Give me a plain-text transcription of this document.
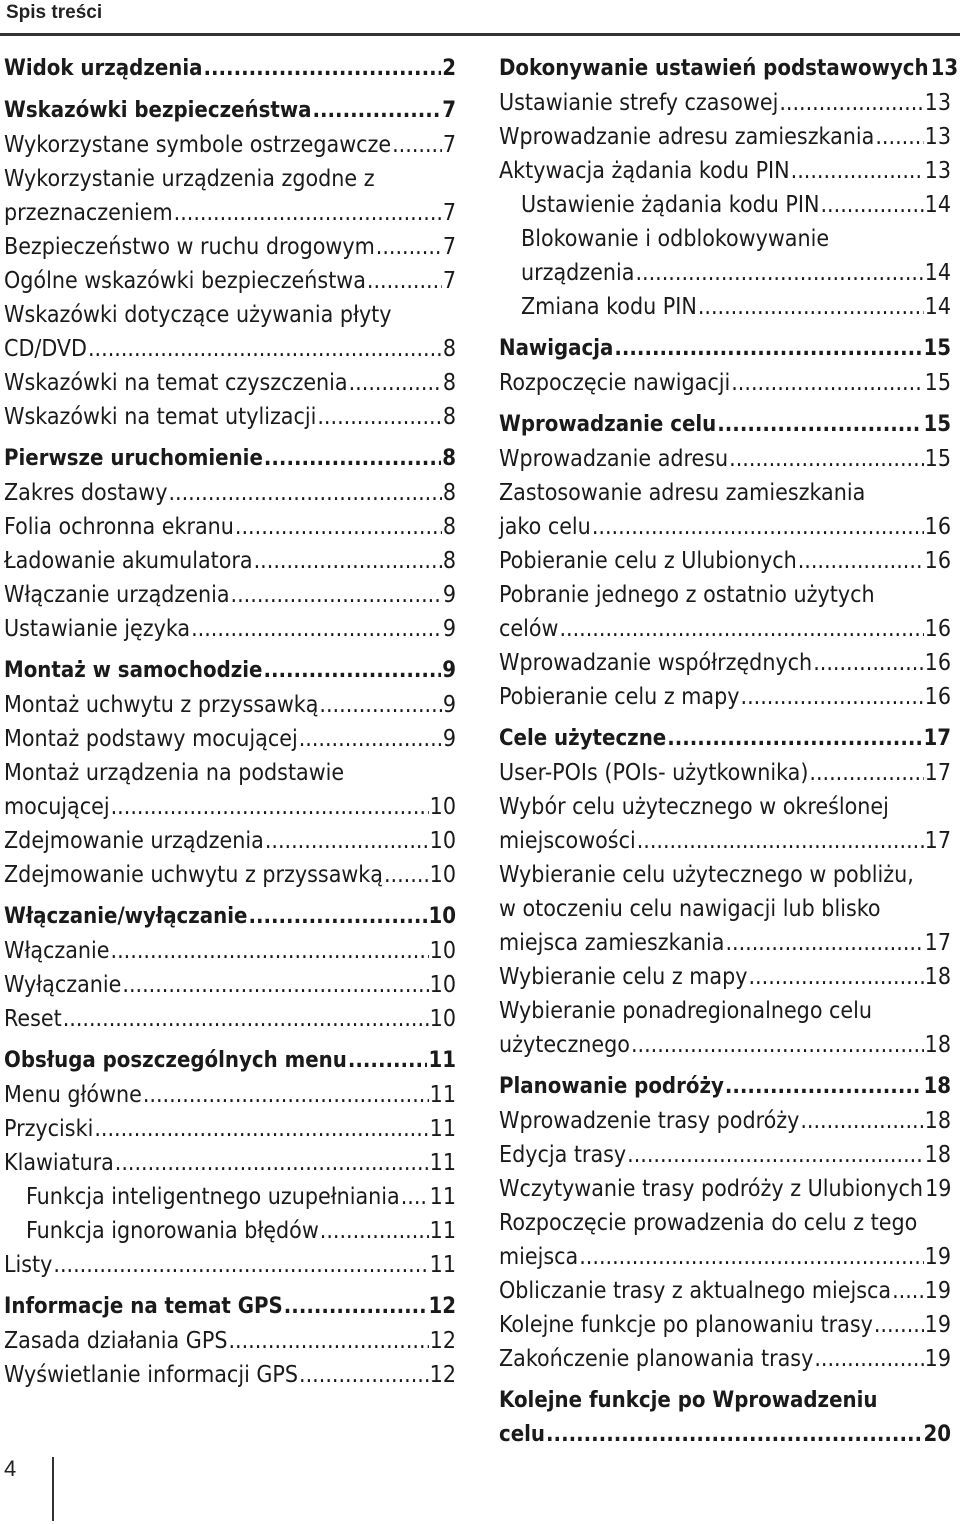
Spis treści
Widok urządzenia .....	2
Wskazówki bezpieczeństwa .....	7
Wykorzystane symbole ostrzegawcze ..... 7
Wykorzystanie urządzenia zgodne z
przeznaczeniem .....	7
Bezpieczeństwo w ruchu drogowym .....	7
Ogólne wskazówki bezpieczeństwa .....	7
Wskazówki dotyczące używania płyty
CD/DVD .....	8
Wskazówki na temat czyszczenia .....	8
Wskazówki na temat utylizacji .....	8
Pierwsze uruchomienie .....	8
Zakres dostawy .....	8
Folia ochronna ekranu .....	8
Ładowanie akumulatora .....	8
Włączanie urządzenia .....	9
Ustawianie języka .....	9
Montaż w samochodzie .....	9
Montaż uchwytu z przyssawką .....	9
Montaż podstawy mocującej .....	9
Montaż urządzenia na podstawie
mocującej .....	10
Zdejmowanie urządzenia .....	10
Zdejmowanie uchwytu z przyssawką ..... 10
Włączanie/wyłączanie .....	10
Włączanie .....	10
Wyłączanie .....	10
Reset .....	10
Obsługa poszczególnych menu .....	11
Menu główne .....	11
Przyciski .....	11
Klawiatura .....	11
Funkcja inteligentnego uzupełniania ..... 11
Funkcja ignorowania błędów .....	11
Listy .....	11
Informacje na temat GPS .....	12
Zasada działania GPS .....	12
Wyświetlanie informacji GPS .....	12
Dokonywanie ustawień podstawowych 13
Ustawianie strefy czasowej .....	13
Wprowadzanie adresu zamieszkania ..... 13
Aktywacja żądania kodu PIN .....	13
Ustawienie żądania kodu PIN .....	14
Blokowanie i odblokowywanie
urządzenia .....	14
Zmiana kodu PIN .....	14
Nawigacja .....	15
Rozpoczęcie nawigacji .....	15
Wprowadzanie celu .....	15
Wprowadzanie adresu .....	15
Zastosowanie adresu zamieszkania
jako celu .....	16
Pobieranie celu z Ulubionych .....	16
Pobranie jednego z ostatnio użytych
celów .....	16
Wprowadzanie współrzędnych .....	16
Pobieranie celu z mapy .....	16
Cele użyteczne .....	17
User-POIs (POIs- użytkownika) .....	17
Wybór celu użytecznego w określonej
miejscowości .....	17
Wybieranie celu użytecznego w pobliżu,
w otoczeniu celu nawigacji lub blisko
miejsca zamieszkania .....	17
Wybieranie celu z mapy .....	18
Wybieranie ponadregionalnego celu
użytecznego .....	18
Planowanie podróży .....	18
Wprowadzenie trasy podróży .....	18
Edycja trasy .....	18
Wczytywanie trasy podróży z Ulubionych 19
Rozpoczęcie prowadzenia do celu z tego
miejsca .....	19
Obliczanie trasy z aktualnego miejsca ..... 19
Kolejne funkcje po planowaniu trasy ..... 19
Zakończenie planowania trasy .....	19
Kolejne funkcje po Wprowadzeniu
celu .....	20
4
